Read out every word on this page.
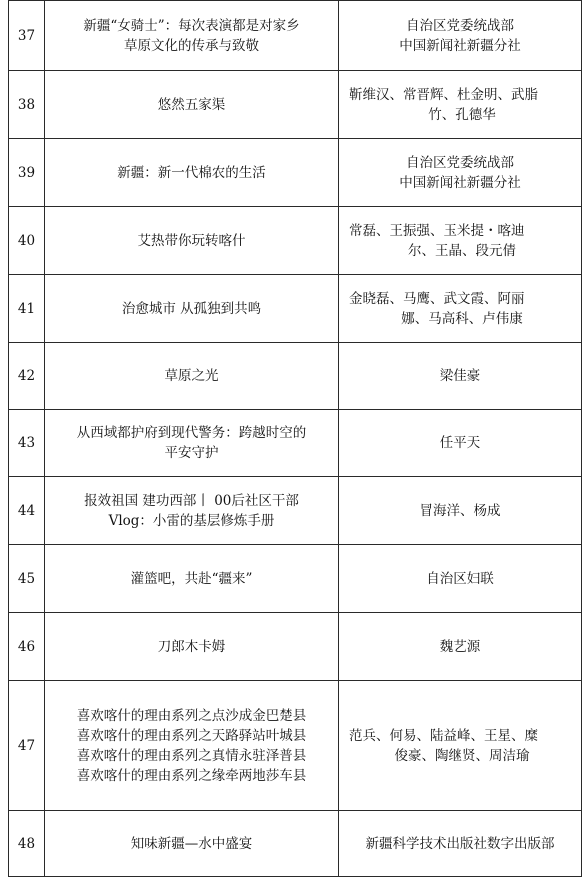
37	新疆“女骑士”：每次表演都是对家乡
草原文化的传承与致敬	自治区党委统战部
中国新闻社新疆分社

38	悠然五家渠	靳维汉、常晋辉、杜金明、武脂
竹、孔德华

39	新疆：新一代棉农的生活	自治区党委统战部
中国新闻社新疆分社

40	艾热带你玩转喀什	常磊、王振强、玉米提・喀迪
尔、王晶、段元倩

41	治愈城市 从孤独到共鸣	金晓磊、马鹰、武文霞、阿丽
娜、马高科、卢伟康

42	草原之光	梁佳豪

43	从西域都护府到现代警务：跨越时空的
平安守护	任平天

44	报效祖国 建功西部丨 00后社区干部
Vlog：小雷的基层修炼手册	冒海洋、杨成

45	灌篮吧，共赴“疆来”	自治区妇联

46	刀郎木卡姆	魏艺源

47	喜欢喀什的理由系列之点沙成金巴楚县
喜欢喀什的理由系列之天路驿站叶城县
喜欢喀什的理由系列之真情永驻泽普县
喜欢喀什的理由系列之缘牵两地莎车县	范兵、何易、陆益峰、王星、糜
俊豪、陶继贤、周洁瑜

48	知味新疆—水中盛宴	新疆科学技术出版社数字出版部
